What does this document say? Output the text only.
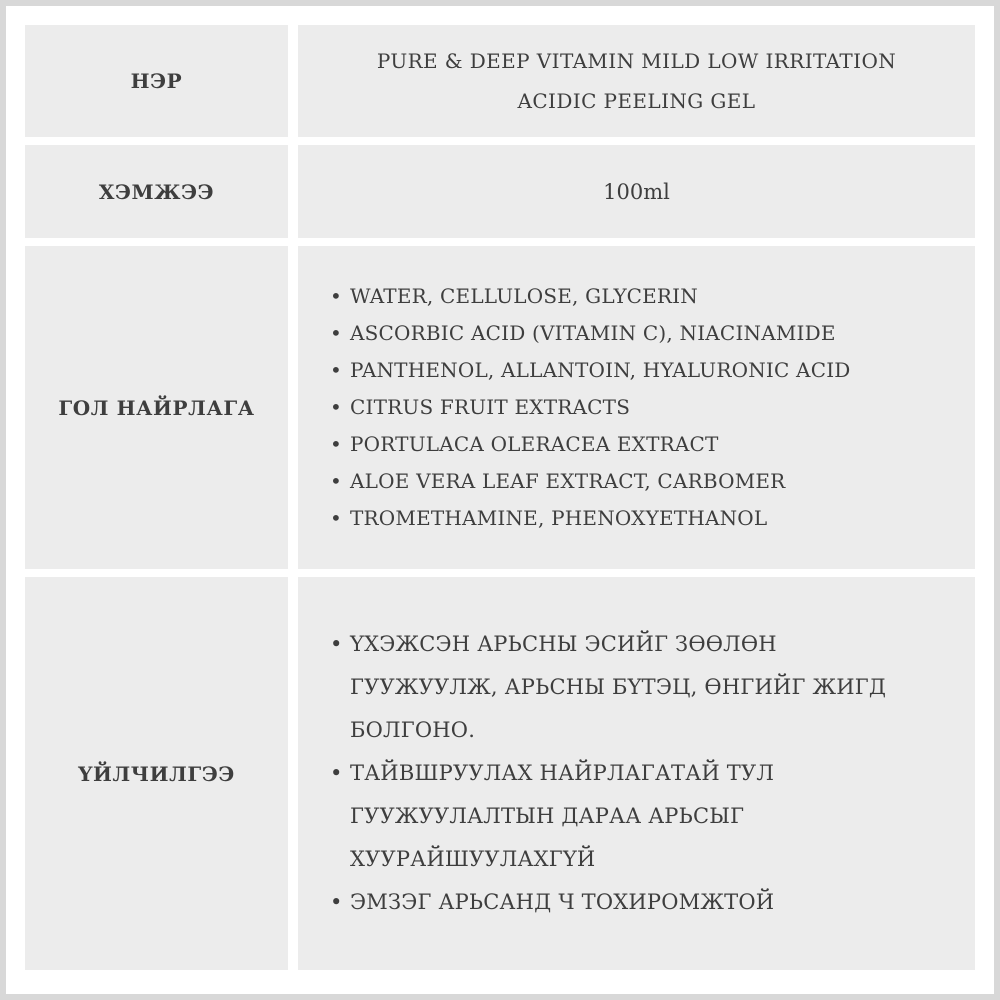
НЭР
PURE & DEEP VITAMIN MILD LOW IRRITATION
ACIDIC PEELING GEL
ХЭМЖЭЭ	100ml
ГОЛ НАЙРЛАГА
• WATER, CELLULOSE, GLYCERIN
• ASCORBIC ACID (VITAMIN C), NIACINAMIDE
• PANTHENOL, ALLANTOIN, HYALURONIC ACID
• CITRUS FRUIT EXTRACTS
• PORTULACA OLERACEA EXTRACT
• ALOE VERA LEAF EXTRACT, CARBOMER
• TROMETHAMINE, PHENOXYETHANOL
ҮЙЛЧИЛГЭЭ
• ҮХЭЖСЭН АРЬСНЫ ЭСИЙГ ЗӨӨЛӨН
ГУУЖУУЛЖ, АРЬСНЫ БҮТЭЦ, ӨНГИЙГ ЖИГД
БОЛГОНО.
• ТАЙВШРУУЛАХ НАЙРЛАГАТАЙ ТУЛ
ГУУЖУУЛАЛТЫН ДАРАА АРЬСЫГ
ХУУРАЙШУУЛАХГҮЙ
• ЭМЗЭГ АРЬСАНД Ч ТОХИРОМЖТОЙ
